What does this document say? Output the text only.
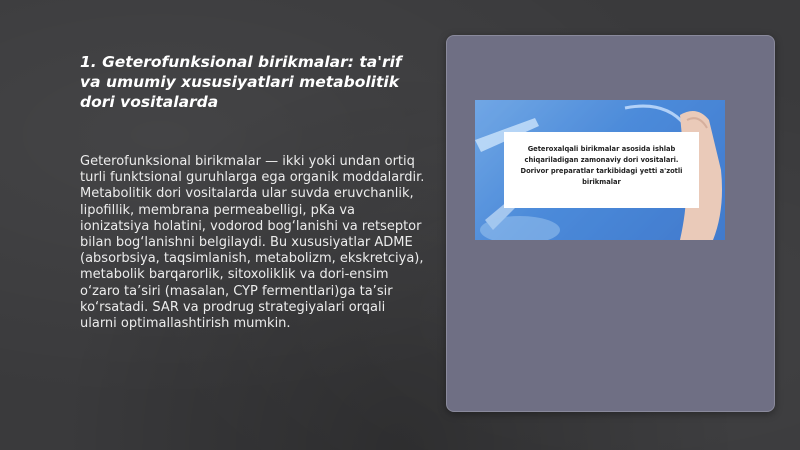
1. Geterofunksional birikmalar: ta'rif va umumiy xususiyatlari metabolitik dori vositalarda

Geterofunksional birikmalar — ikki yoki undan ortiq turli funktsional guruhlarga ega organik moddalardir. Metabolitik dori vositalarda ular suvda eruvchanlik, lipofillik, membrana permeabelligi, pKa va ionizatsiya holatini, vodorod bog‘lanishi va retseptor bilan bog‘lanishni belgilaydi. Bu xususiyatlar ADME (absorbsiya, taqsimlanish, metabolizm, ekskretciya), metabolik barqarorlik, sitoxoliklik va dori-ensim o‘zaro ta’siri (masalan, CYP fermentlari)ga ta’sir ko‘rsatadi. SAR va prodrug strategiyalari orqali ularni optimallashtirish mumkin.

Geteroxalqali birikmalar asosida ishlab
chiqariladigan zamonaviy dori vositalari.
Dorivor preparatlar tarkibidagi yetti a'zotli
birikmalar
